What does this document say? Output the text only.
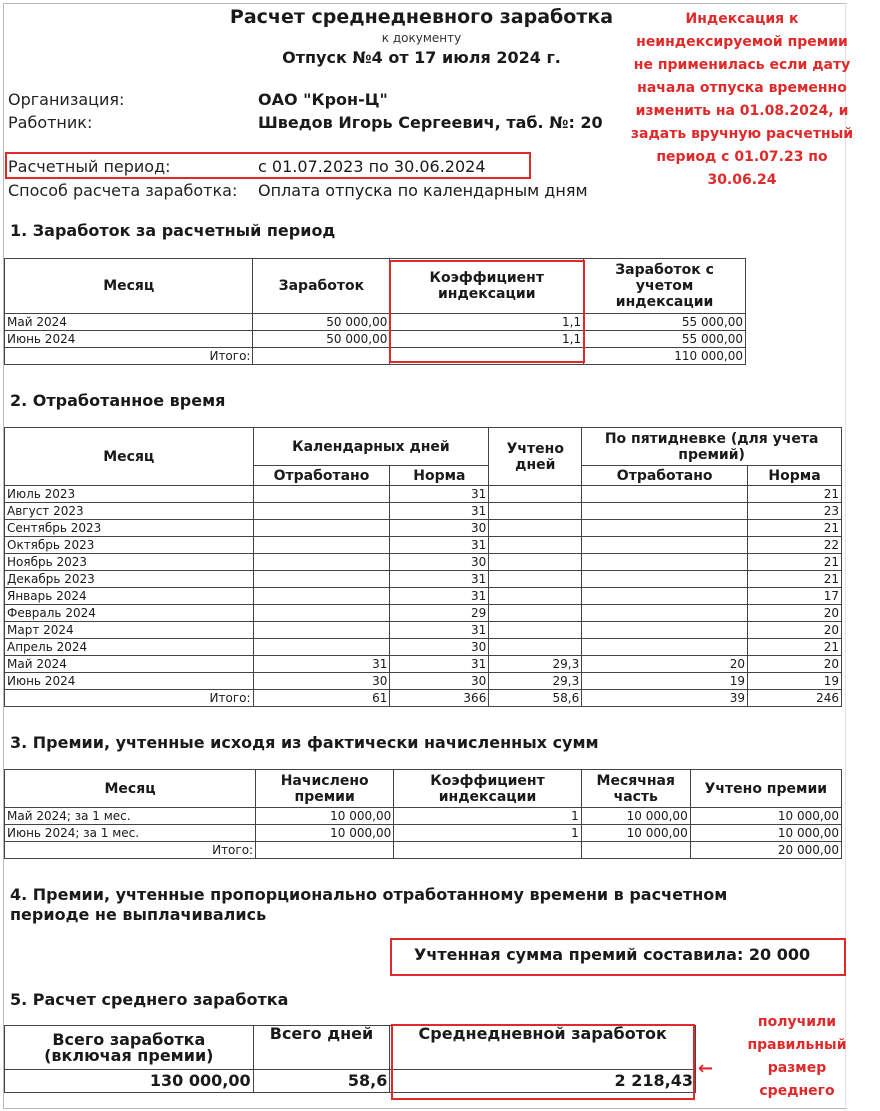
Расчет среднедневного заработка
к документу
Отпуск №4 от 17 июля 2024 г.
Организация:	ОАО "Крон-Ц"
Работник:	Шведов Игорь Сергеевич, таб. №: 20
Расчетный период:	с 01.07.2023 по 30.06.2024
Способ расчета заработка: Оплата отпуска по календарным дням
Индексация к
неиндексируемой премии
не применилась если дату
начала отпуска временно
изменить на 01.08.2024, и
задать вручную расчетный
период с 01.07.23 по
30.06.24
1. Заработок за расчетный период
Месяц	Заработок	Коэффициент индексации	Заработок с учетом индексации
Май 2024	50 000,00	1,1	55 000,00
Июнь 2024	50 000,00	1,1	55 000,00
Итого:			110 000,00
2. Отработанное время
Месяц	Календарных дней		Учтено дней	По пятидневке (для учета премий)	
	Отработано	Норма		Отработано	Норма
Июль 2023		31			21
Август 2023		31			23
Сентябрь 2023		30			21
Октябрь 2023		31			22
Ноябрь 2023		30			21
Декабрь 2023		31			21
Январь 2024		31			17
Февраль 2024		29			20
Март 2024		31			20
Апрель 2024		30			21
Май 2024	31	31	29,3	20	20
Июнь 2024	30	30	29,3	19	19
Итого:	61	366	58,6	39	246
3. Премии, учтенные исходя из фактически начисленных сумм
Месяц	Начислено премии	Коэффициент индексации	Месячная часть	Учтено премии
Май 2024; за 1 мес.	10 000,00	1	10 000,00	10 000,00
Июнь 2024; за 1 мес.	10 000,00	1	10 000,00	10 000,00
Итого:				20 000,00
4. Премии, учтенные пропорционально отработанному времени в расчетном
периоде не выплачивались
Учтенная сумма премий составила: 20 000
5. Расчет среднего заработка
Всего заработка (включая премии)	Всего дней	Среднедневной заработок
130 000,00	58,6	2 218,43
←
получили
правильный
размер
среднего
